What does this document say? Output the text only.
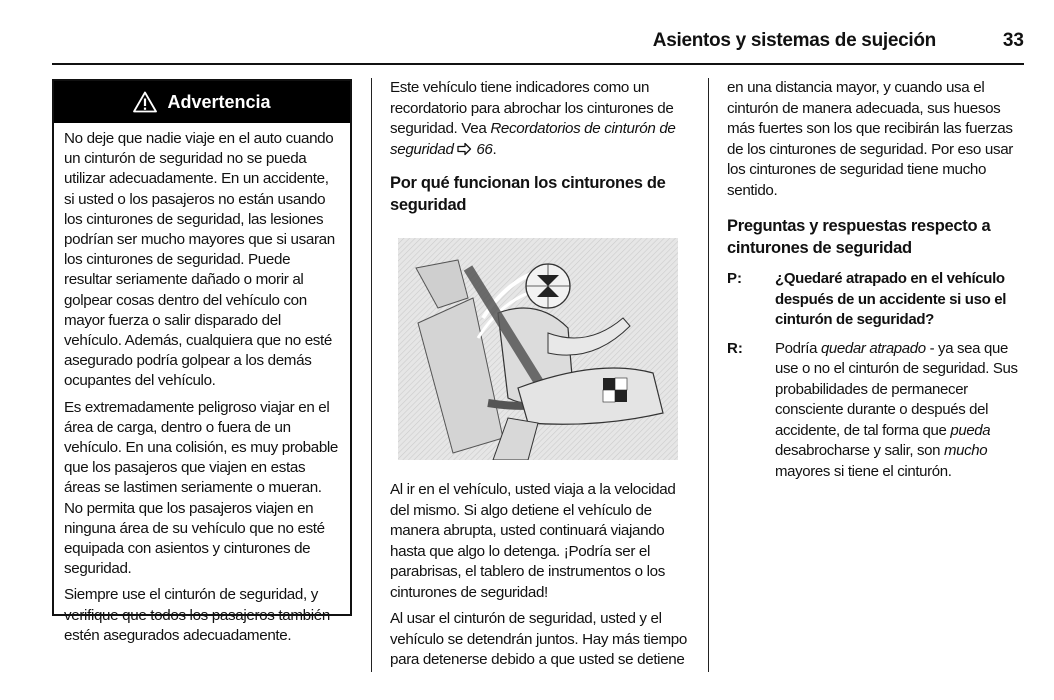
Asientos y sistemas de sujeción	33
Advertencia

No deje que nadie viaje en el auto cuando un cinturón de seguridad no se pueda utilizar adecuadamente. En un accidente, si usted o los pasajeros no están usando los cinturones de seguridad, las lesiones podrían ser mucho mayores que si usaran los cinturones de seguridad. Puede resultar seriamente dañado o morir al golpear cosas dentro del vehículo con mayor fuerza o salir disparado del vehículo. Además, cualquiera que no esté asegurado podría golpear a los demás ocupantes del vehículo.

Es extremadamente peligroso viajar en el área de carga, dentro o fuera de un vehículo. En una colisión, es muy probable que los pasajeros que viajen en estas áreas se lastimen seriamente o mueran. No permita que los pasajeros viajen en ninguna área de su vehículo que no esté equipada con asientos y cinturones de seguridad.

Siempre use el cinturón de seguridad, y verifique que todos los pasajeros también estén asegurados adecuadamente.

Este vehículo tiene indicadores como un recordatorio para abrochar los cinturones de seguridad. Vea Recordatorios de cinturón de seguridad 66.

Por qué funcionan los cinturones de seguridad

Al ir en el vehículo, usted viaja a la velocidad del mismo. Si algo detiene el vehículo de manera abrupta, usted continuará viajando hasta que algo lo detenga. ¡Podría ser el parabrisas, el tablero de instrumentos o los cinturones de seguridad!

Al usar el cinturón de seguridad, usted y el vehículo se detendrán juntos. Hay más tiempo para detenerse debido a que usted se detiene

en una distancia mayor, y cuando usa el cinturón de manera adecuada, sus huesos más fuertes son los que recibirán las fuerzas de los cinturones de seguridad. Por eso usar los cinturones de seguridad tiene mucho sentido.

Preguntas y respuestas respecto a cinturones de seguridad
P:	¿Quedaré atrapado en el vehículo después de un accidente si uso el cinturón de seguridad?
R:	Podría quedar atrapado - ya sea que use o no el cinturón de seguridad. Sus probabilidades de permanecer consciente durante o después del accidente, de tal forma que pueda desabrocharse y salir, son mucho mayores si tiene el cinturón.
